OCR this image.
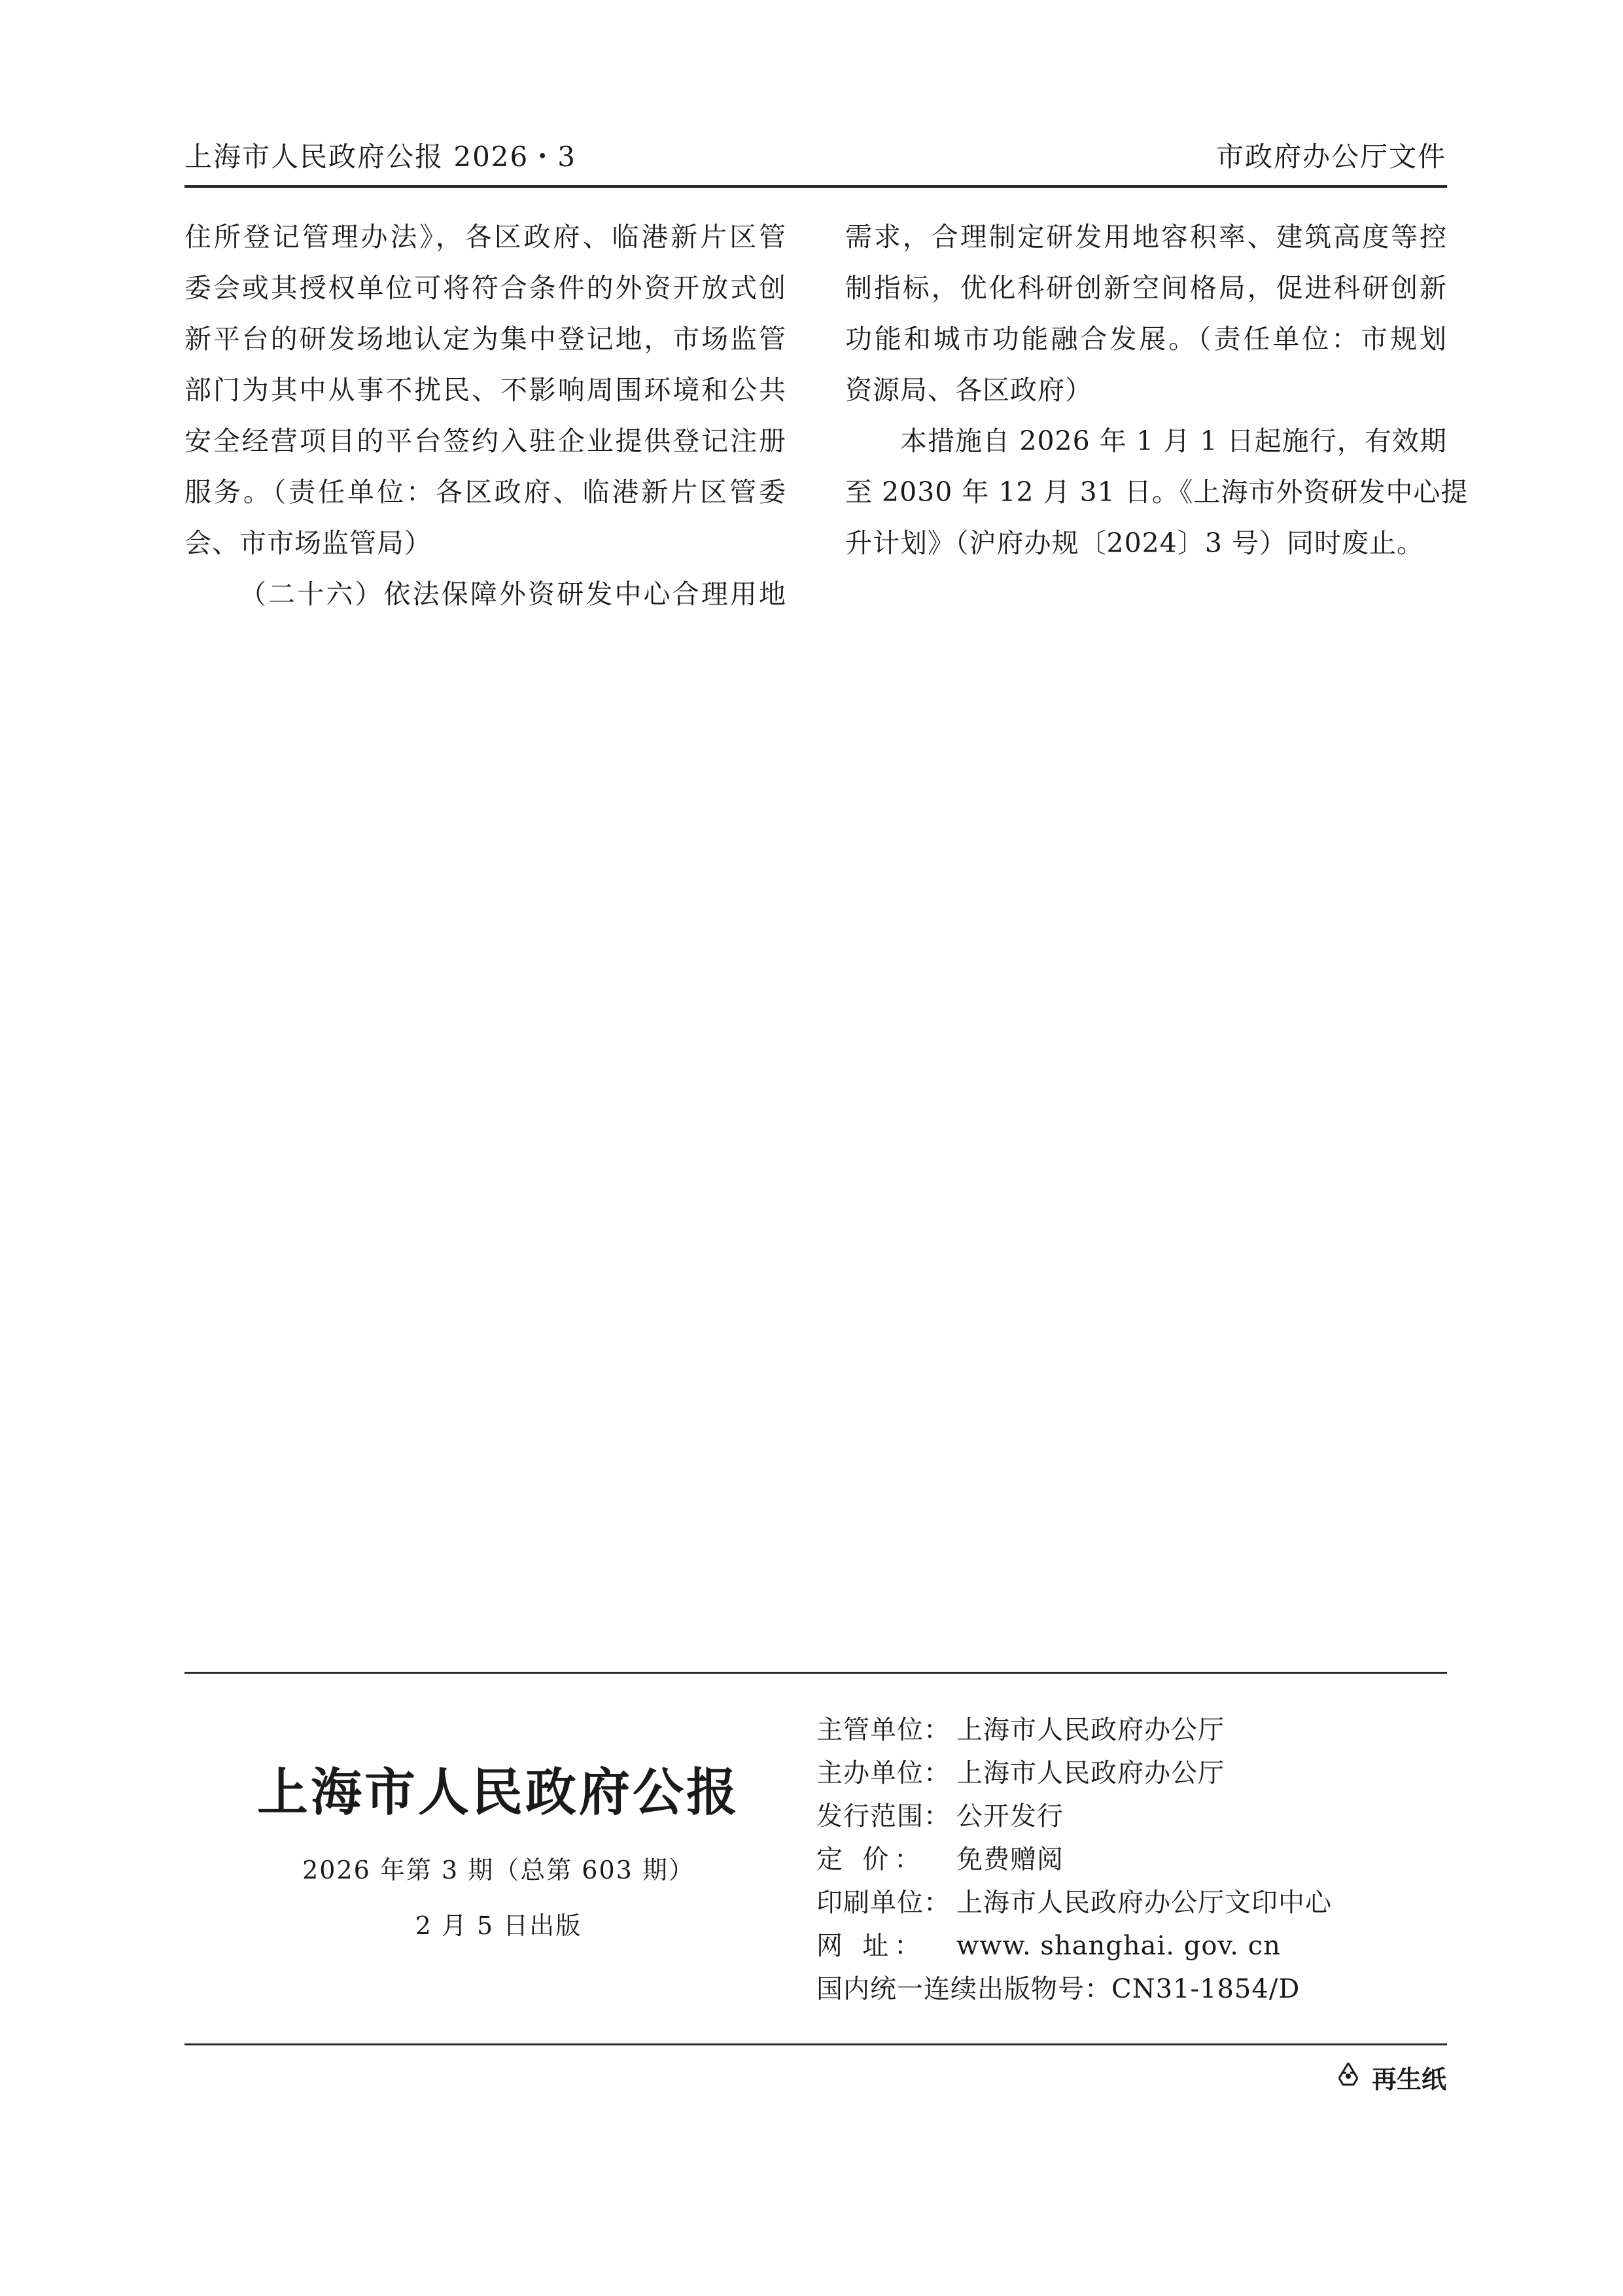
上海市人民政府公报 2026・3	市政府办公厅文件

住所登记管理办法》，各区政府、临港新片区管

委会或其授权单位可将符合条件的外资开放式创

新平台的研发场地认定为集中登记地，市场监管

部门为其中从事不扰民、不影响周围环境和公共

安全经营项目的平台签约入驻企业提供登记注册

服务。（责任单位：各区政府、临港新片区管委

会、市市场监管局）

（二十六）依法保障外资研发中心合理用地

需求，合理制定研发用地容积率、建筑高度等控

制指标，优化科研创新空间格局，促进科研创新

功能和城市功能融合发展。（责任单位：市规划

资源局、各区政府）

本措施自 2026 年 1 月 1 日起施行，有效期

至 2030 年 12 月 31 日。《上海市外资研发中心提

升计划》（沪府办规〔2024〕3 号）同时废止。

上海市人民政府公报
2026 年第 3 期（总第 603 期）
2 月 5 日出版
主管单位： 上海市人民政府办公厅
主办单位： 上海市人民政府办公厅
发行范围： 公开发行
定 价： 免费赠阅
印刷单位： 上海市人民政府办公厅文印中心
网 址： www. shanghai. gov. cn
国内统一连续出版物号： CN31-1854/D
再生纸
